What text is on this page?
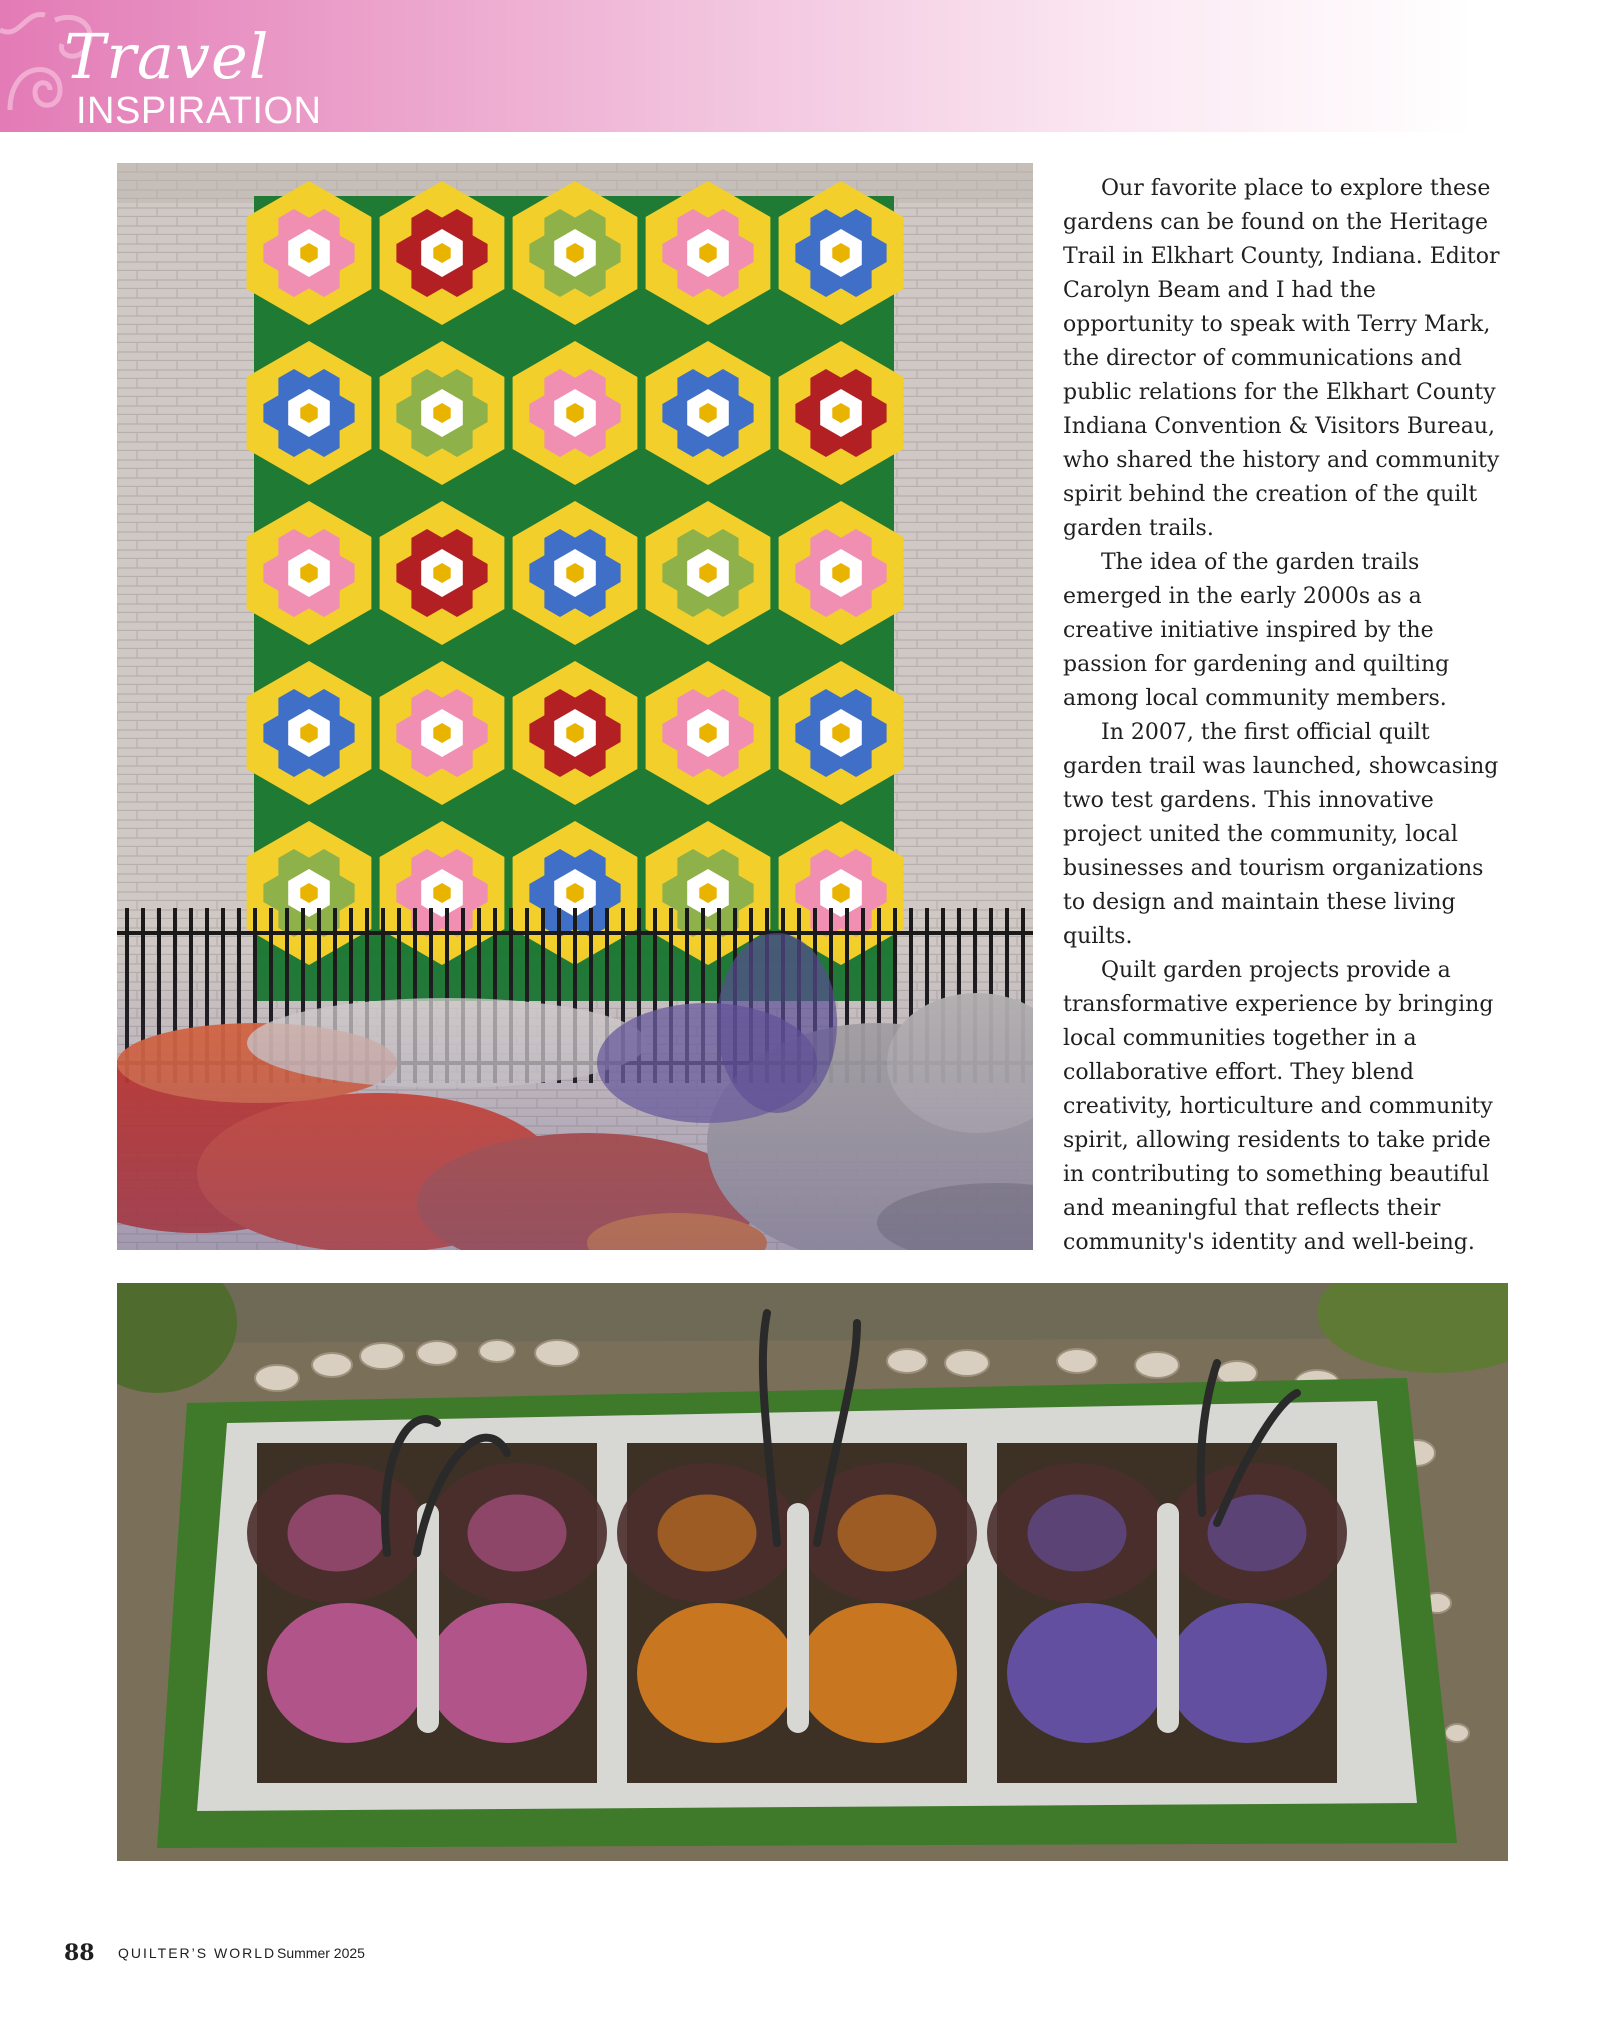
Travel
INSPIRATION

Our favorite place to explore these gardens can be found on the Heritage Trail in Elkhart County, Indiana. Editor Carolyn Beam and I had the opportunity to speak with Terry Mark, the director of communications and public relations for the Elkhart County Indiana Convention & Visitors Bureau, who shared the history and community spirit behind the creation of the quilt garden trails.

The idea of the garden trails emerged in the early 2000s as a creative initiative inspired by the passion for gardening and quilting among local community members.

In 2007, the first official quilt garden trail was launched, showcasing two test gardens. This innovative project united the community, local businesses and tourism organizations to design and maintain these living quilts.

Quilt garden projects provide a transformative experience by bringing local communities together in a collaborative effort. They blend creativity, horticulture and community spirit, allowing residents to take pride in contributing to something beautiful and meaningful that reflects their community's identity and well-being.

88 QUILTER’S WORLD Summer 2025
